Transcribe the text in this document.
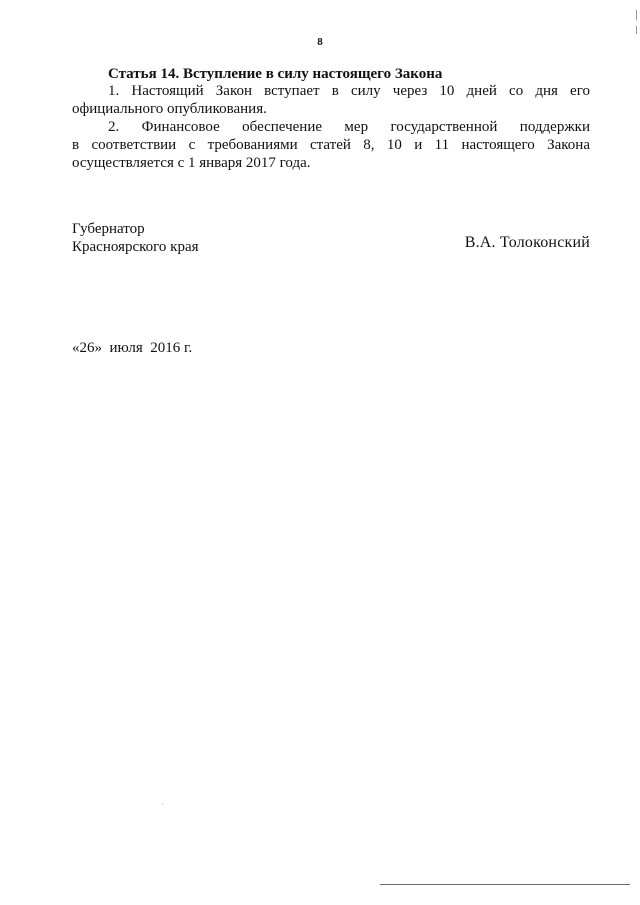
8
Статья 14. Вступление в силу настоящего Закона
1. Настоящий Закон вступает в силу через 10 дней со дня его
официального опубликования.
2. Финансовое обеспечение мер государственной поддержки
в соответствии с требованиями статей 8, 10 и 11 настоящего Закона
осуществляется с 1 января 2017 года.
Губернатор
Красноярского края	В.А. Толоконский
«26»  июля  2016 г.
